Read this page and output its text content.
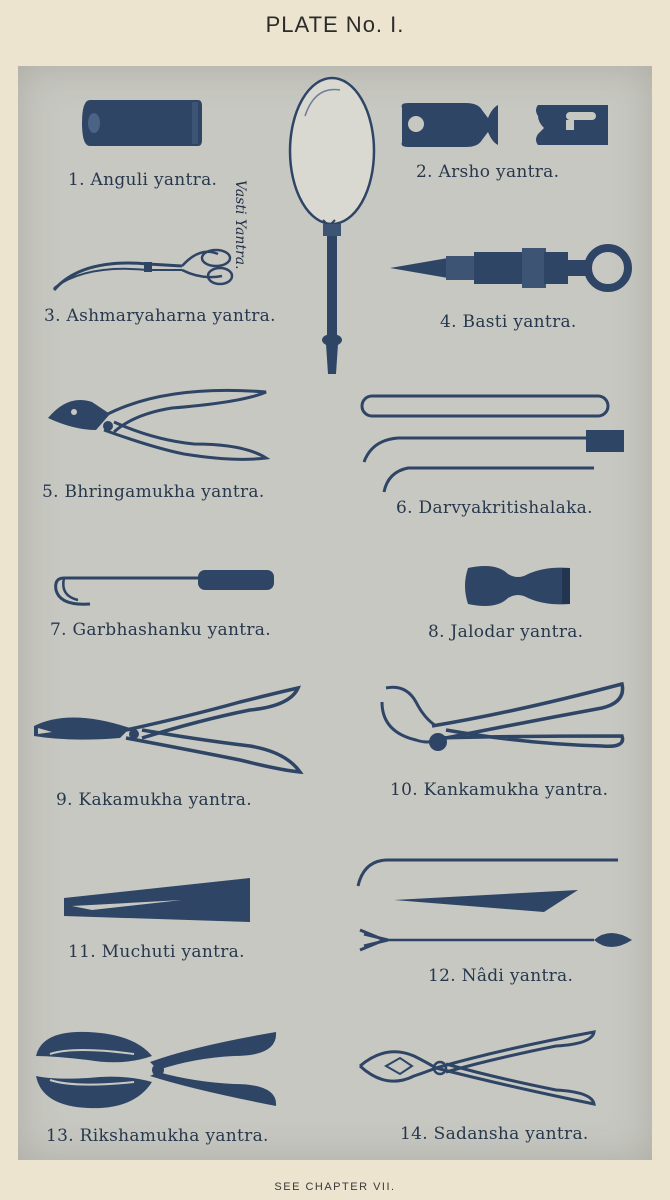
PLATE No. I.
1. Anguli yantra. Vasti Yantra.
2. Arsho yantra.
3. Ashmaryaharna yantra.	4. Basti yantra.
5. Bhringamukha yantra.
6. Darvyakritishalaka.
7. Garbhashanku yantra.	8. Jalodar yantra.
9. Kakamukha yantra.	10. Kankamukha yantra.
11. Muchuti yantra.
12. Nâdi yantra.
13. Rikshamukha yantra.	14. Sadansha yantra.
SEE CHAPTER VII.
